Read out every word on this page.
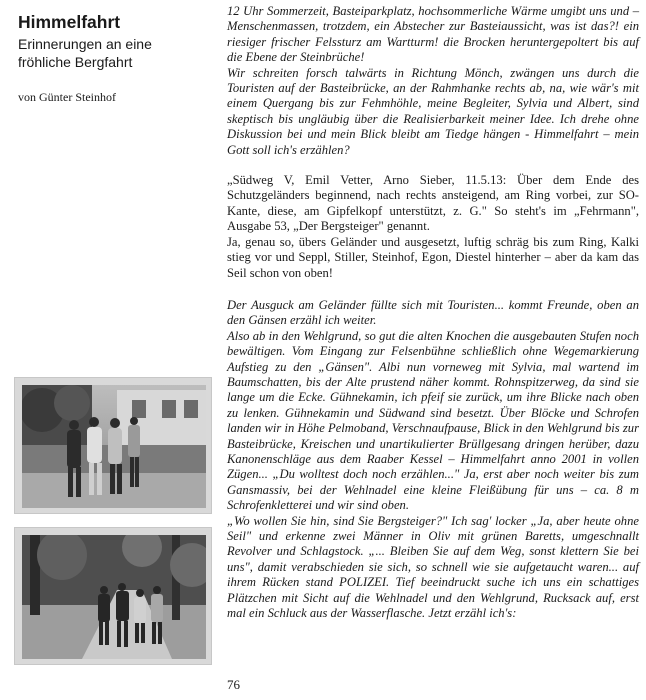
Himmelfahrt
Erinnerungen an eine fröhliche Bergfahrt
von Günter Steinhof

12 Uhr Sommerzeit, Basteiparkplatz, hochsommerliche Wärme umgibt uns und – Menschenmassen, trotzdem, ein Abstecher zur Basteiaussicht, was ist das?! ein riesiger frischer Felssturz am Wartturm! die Brocken heruntergepoltert bis auf die Ebene der Steinbrüche!

Wir schreiten forsch talwärts in Richtung Mönch, zwängen uns durch die Touristen auf der Basteibrücke, an der Rahmhanke rechts ab, na, wie wär's mit einem Quergang bis zur Fehmhöhle, meine Begleiter, Sylvia und Albert, sind skeptisch bis ungläubig über die Realisierbarkeit meiner Idee. Ich drehe ohne Diskussion bei und mein Blick bleibt am Tiedge hängen - Himmelfahrt – mein Gott soll ich's erzählen?

„Südweg V, Emil Vetter, Arno Sieber, 11.5.13: Über dem Ende des Schutzgeländers beginnend, nach rechts ansteigend, am Ring vorbei, zur SO-Kante, diese, am Gipfelkopf unterstützt, z. G." So steht's im „Fehrmann", Ausgabe 53, „Der Bergsteiger" genannt.

Ja, genau so, übers Geländer und ausgesetzt, luftig schräg bis zum Ring, Kalki stieg vor und Seppl, Stiller, Steinhof, Egon, Diestel hinterher – aber da kam das Seil schon von oben!

Der Ausguck am Geländer füllte sich mit Touristen... kommt Freunde, oben an den Gänsen erzähl ich weiter.

Also ab in den Wehlgrund, so gut die alten Knochen die ausgebauten Stufen noch bewältigen. Vom Eingang zur Felsenbühne schließlich ohne Wegemarkierung Aufstieg zu den „Gänsen". Albi nun vorneweg mit Sylvia, mal wartend im Baumschatten, bis der Alte prustend näher kommt. Rohnspitzerweg, da sind sie lange um die Ecke. Gühnekamin, ich pfeif sie zurück, um ihre Blicke nach oben zu lenken. Gühnekamin und Südwand sind besetzt. Über Blöcke und Schrofen landen wir in Höhe Pelmoband, Verschnaufpause, Blick in den Wehlgrund bis zur Basteibrücke, Kreischen und unartikulierter Brüllgesang dringen herüber, dazu Kanonenschläge aus dem Raaber Kessel – Himmelfahrt anno 2001 in vollen Zügen... „Du wolltest doch noch erzählen..." Ja, erst aber noch weiter bis zum Gansmassiv, bei der Wehlnadel eine kleine Fleißübung für uns – ca. 8 m Schrofenkletterei und wir sind oben.

„Wo wollen Sie hin, sind Sie Bergsteiger?" Ich sag' locker „Ja, aber heute ohne Seil" und erkenne zwei Männer in Oliv mit grünen Baretts, umgeschnallt Revolver und Schlagstock. „... Bleiben Sie auf dem Weg, sonst klettern Sie bei uns", damit verabschieden sie sich, so schnell wie sie aufgetaucht waren... auf ihrem Rücken stand POLIZEI. Tief beeindruckt suche ich uns ein schattiges Plätzchen mit Sicht auf die Wehlnadel und den Wehlgrund, Rucksack auf, erst mal ein Schluck aus der Wasserflasche. Jetzt erzähl ich's:

76
